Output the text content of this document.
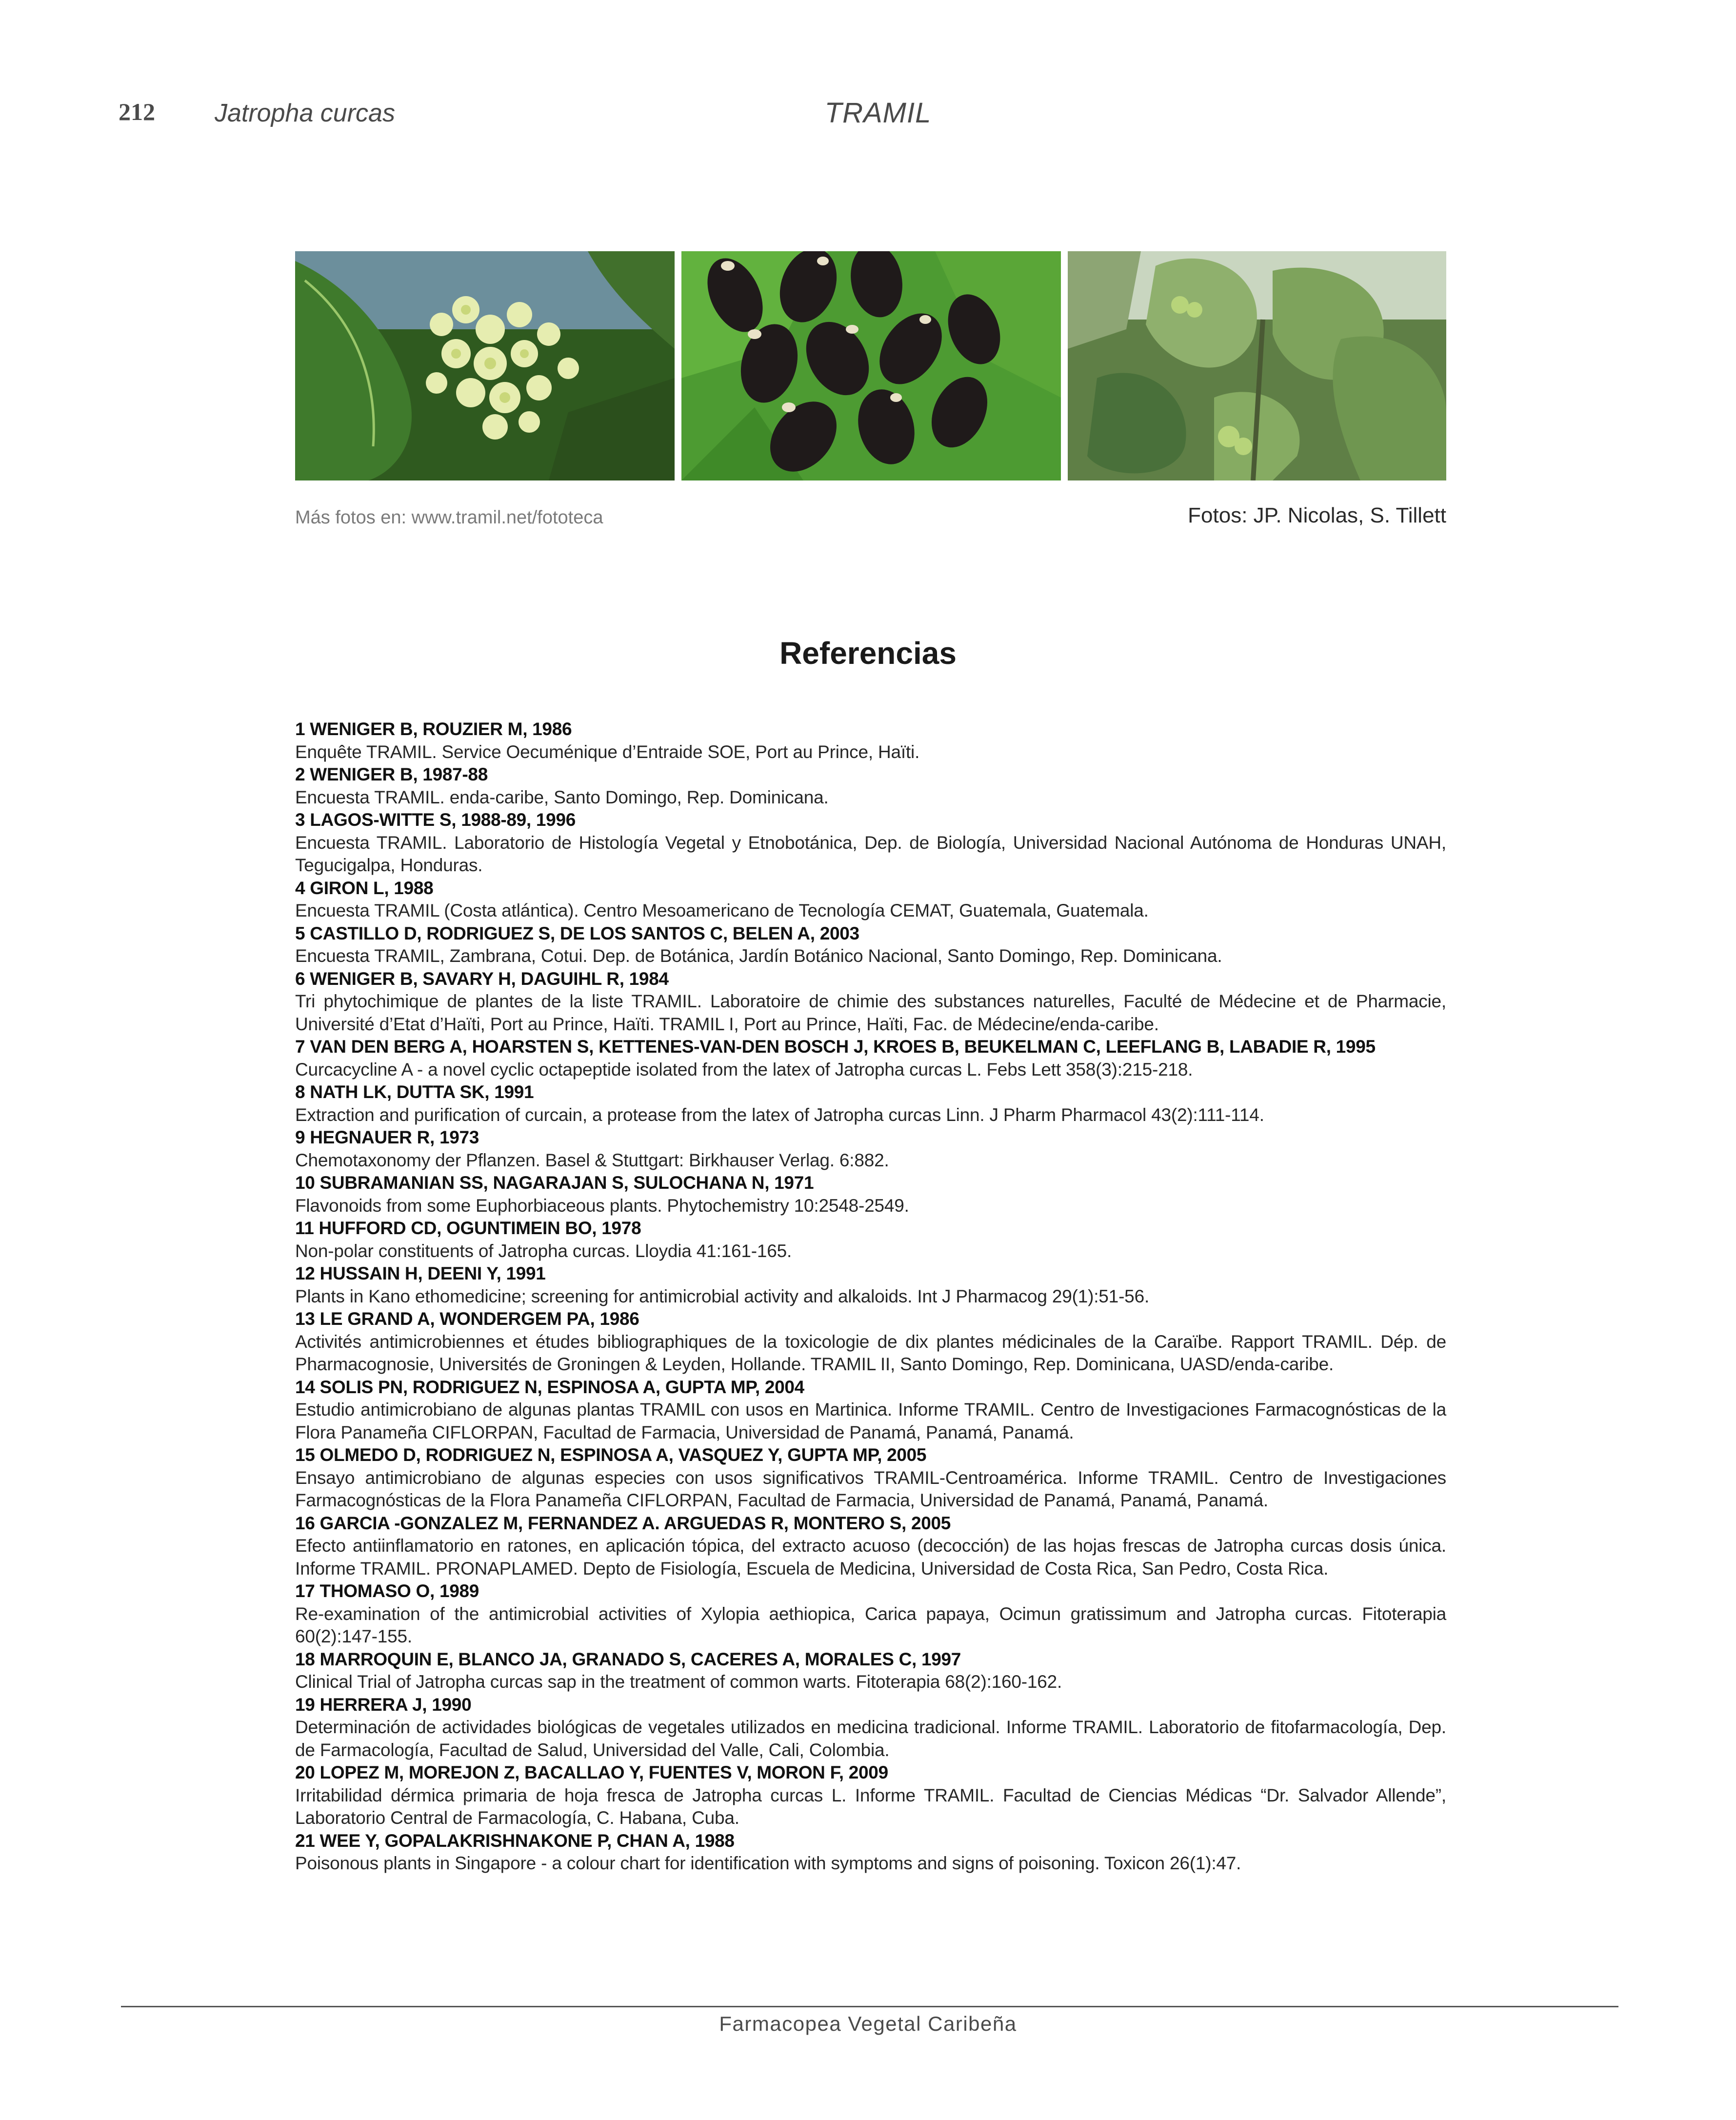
212 Jatropha curcas	TRAMIL
Más fotos en: www.tramil.net/fototeca	Fotos: JP. Nicolas, S. Tillett
Referencias
1 WENIGER B, ROUZIER M, 1986
Enquête TRAMIL. Service Oecuménique d’Entraide SOE, Port au Prince, Haïti.
2 WENIGER B, 1987-88
Encuesta TRAMIL. enda-caribe, Santo Domingo, Rep. Dominicana.
3 LAGOS-WITTE S, 1988-89, 1996
Encuesta TRAMIL. Laboratorio de Histología Vegetal y Etnobotánica, Dep. de Biología, Universidad Nacional Autónoma de Honduras UNAH, Tegucigalpa, Honduras.
4 GIRON L, 1988
Encuesta TRAMIL (Costa atlántica). Centro Mesoamericano de Tecnología CEMAT, Guatemala, Guatemala.
5 CASTILLO D, RODRIGUEZ S, DE LOS SANTOS C, BELEN A, 2003
Encuesta TRAMIL, Zambrana, Cotui. Dep. de Botánica, Jardín Botánico Nacional, Santo Domingo, Rep. Dominicana.
6 WENIGER B, SAVARY H, DAGUIHL R, 1984
Tri phytochimique de plantes de la liste TRAMIL. Laboratoire de chimie des substances naturelles, Faculté de Médecine et de Pharmacie, Université d’Etat d’Haïti, Port au Prince, Haïti. TRAMIL I, Port au Prince, Haïti, Fac. de Médecine/enda-caribe.
7 VAN DEN BERG A, HOARSTEN S, KETTENES-VAN-DEN BOSCH J, KROES B, BEUKELMAN C, LEEFLANG B, LABADIE R, 1995
Curcacycline A - a novel cyclic octapeptide isolated from the latex of Jatropha curcas L. Febs Lett 358(3):215-218.
8 NATH LK, DUTTA SK, 1991
Extraction and purification of curcain, a protease from the latex of Jatropha curcas Linn. J Pharm Pharmacol 43(2):111-114.
9 HEGNAUER R, 1973
Chemotaxonomy der Pflanzen. Basel & Stuttgart: Birkhauser Verlag. 6:882.
10 SUBRAMANIAN SS, NAGARAJAN S, SULOCHANA N, 1971
Flavonoids from some Euphorbiaceous plants. Phytochemistry 10:2548-2549.
11 HUFFORD CD, OGUNTIMEIN BO, 1978
Non-polar constituents of Jatropha curcas. Lloydia 41:161-165.
12 HUSSAIN H, DEENI Y, 1991
Plants in Kano ethomedicine; screening for antimicrobial activity and alkaloids. Int J Pharmacog 29(1):51-56.
13 LE GRAND A, WONDERGEM PA, 1986
Activités antimicrobiennes et études bibliographiques de la toxicologie de dix plantes médicinales de la Caraïbe. Rapport TRAMIL. Dép. de Pharmacognosie, Universités de Groningen & Leyden, Hollande. TRAMIL II, Santo Domingo, Rep. Dominicana, UASD/enda-caribe.
14 SOLIS PN, RODRIGUEZ N, ESPINOSA A, GUPTA MP, 2004
Estudio antimicrobiano de algunas plantas TRAMIL con usos en Martinica. Informe TRAMIL. Centro de Investigaciones Farmacognósticas de la Flora Panameña CIFLORPAN, Facultad de Farmacia, Universidad de Panamá, Panamá, Panamá.
15 OLMEDO D, RODRIGUEZ N, ESPINOSA A, VASQUEZ Y, GUPTA MP, 2005
Ensayo antimicrobiano de algunas especies con usos significativos TRAMIL-Centroamérica. Informe TRAMIL. Centro de Investigaciones Farmacognósticas de la Flora Panameña CIFLORPAN, Facultad de Farmacia, Universidad de Panamá, Panamá, Panamá.
16 GARCIA -GONZALEZ M, FERNANDEZ A. ARGUEDAS R, MONTERO S, 2005
Efecto antiinflamatorio en ratones, en aplicación tópica, del extracto acuoso (decocción) de las hojas frescas de Jatropha curcas dosis única. Informe TRAMIL. PRONAPLAMED. Depto de Fisiología, Escuela de Medicina, Universidad de Costa Rica, San Pedro, Costa Rica.
17 THOMASO O, 1989
Re-examination of the antimicrobial activities of Xylopia aethiopica, Carica papaya, Ocimun gratissimum and Jatropha curcas. Fitoterapia 60(2):147-155.
18 MARROQUIN E, BLANCO JA, GRANADO S, CACERES A, MORALES C, 1997
Clinical Trial of Jatropha curcas sap in the treatment of common warts. Fitoterapia 68(2):160-162.
19 HERRERA J, 1990
Determinación de actividades biológicas de vegetales utilizados en medicina tradicional. Informe TRAMIL. Laboratorio de fitofarmacología, Dep. de Farmacología, Facultad de Salud, Universidad del Valle, Cali, Colombia.
20 LOPEZ M, MOREJON Z, BACALLAO Y, FUENTES V, MORON F, 2009
Irritabilidad dérmica primaria de hoja fresca de Jatropha curcas L. Informe TRAMIL. Facultad de Ciencias Médicas “Dr. Salvador Allende”, Laboratorio Central de Farmacología, C. Habana, Cuba.
21 WEE Y, GOPALAKRISHNAKONE P, CHAN A, 1988
Poisonous plants in Singapore - a colour chart for identification with symptoms and signs of poisoning. Toxicon 26(1):47.
Farmacopea Vegetal Caribeña
